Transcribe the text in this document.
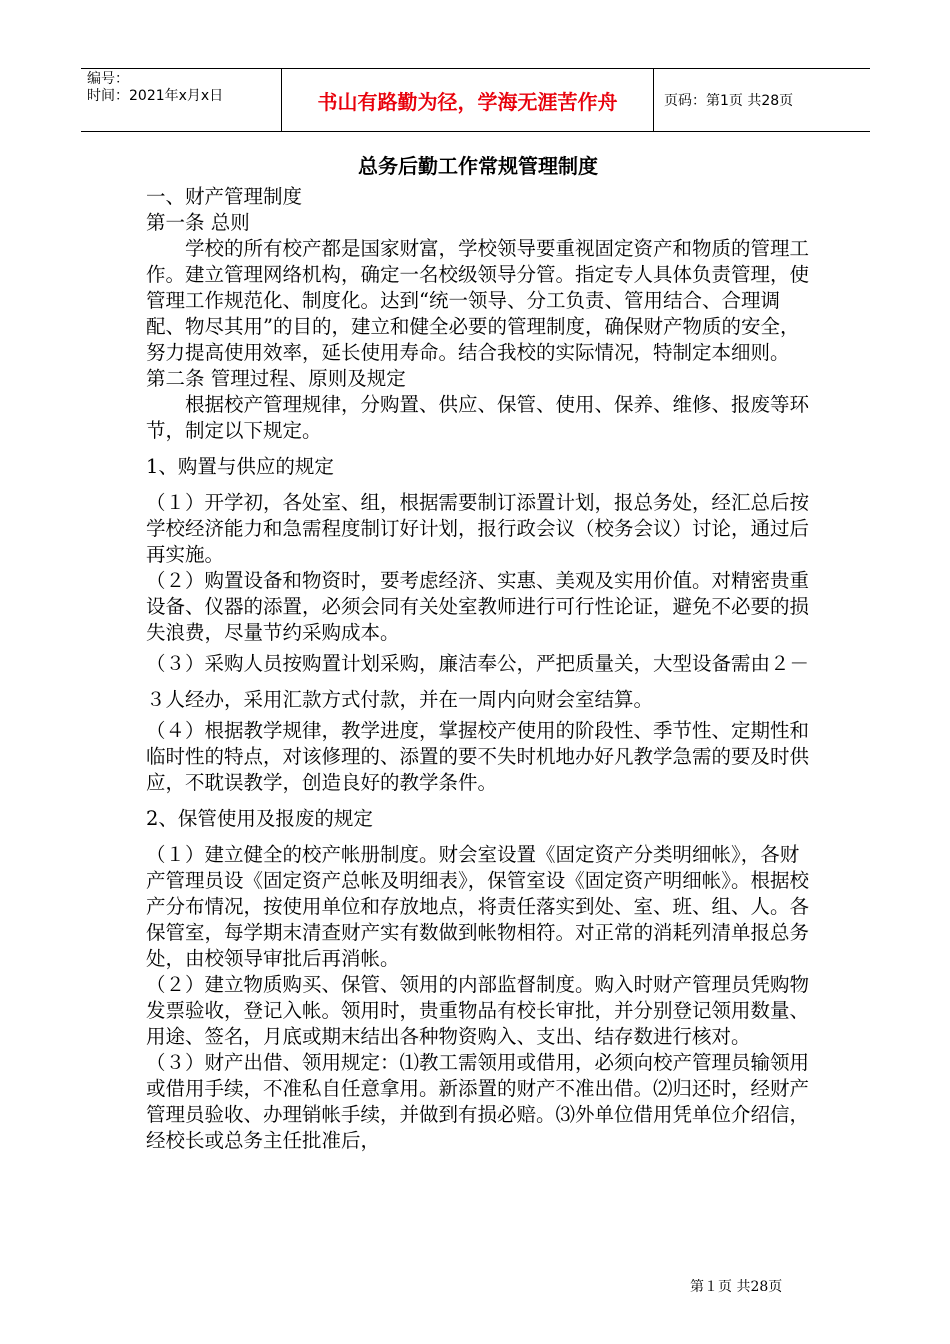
编号：
时间：2021年x月x日	书山有路勤为径，学海无涯苦作舟	页码：第1页 共28页
总务后勤工作常规管理制度

一、财产管理制度

第一条 总则

学校的所有校产都是国家财富，学校领导要重视固定资产和物质的管理工作。建立管理网络机构，确定一名校级领导分管。指定专人具体负责管理，使管理工作规范化、制度化。达到“统一领导、分工负责、管用结合、合理调配、物尽其用”的目的，建立和健全必要的管理制度，确保财产物质的安全，努力提高使用效率，延长使用寿命。结合我校的实际情况，特制定本细则。

第二条 管理过程、原则及规定

根据校产管理规律，分购置、供应、保管、使用、保养、维修、报废等环节，制定以下规定。

1、购置与供应的规定

（１）开学初，各处室、组，根据需要制订添置计划，报总务处，经汇总后按学校经济能力和急需程度制订好计划，报行政会议（校务会议）讨论，通过后再实施。

（２）购置设备和物资时，要考虑经济、实惠、美观及实用价值。对精密贵重设备、仪器的添置，必须会同有关处室教师进行可行性论证，避免不必要的损失浪费，尽量节约采购成本。

（３）采购人员按购置计划采购，廉洁奉公，严把质量关，大型设备需由２－３人经办，采用汇款方式付款，并在一周内向财会室结算。

（４）根据教学规律，教学进度，掌握校产使用的阶段性、季节性、定期性和临时性的特点，对该修理的、添置的要不失时机地办好凡教学急需的要及时供应，不耽误教学，创造良好的教学条件。

2、保管使用及报废的规定

（１）建立健全的校产帐册制度。财会室设置《固定资产分类明细帐》，各财产管理员设《固定资产总帐及明细表》，保管室设《固定资产明细帐》。根据校产分布情况，按使用单位和存放地点，将责任落实到处、室、班、组、人。各保管室，每学期末清查财产实有数做到帐物相符。对正常的消耗列清单报总务处，由校领导审批后再消帐。

（２）建立物质购买、保管、领用的内部监督制度。购入时财产管理员凭购物发票验收，登记入帐。领用时，贵重物品有校长审批，并分别登记领用数量、用途、签名，月底或期末结出各种物资购入、支出、结存数进行核对。

（３）财产出借、领用规定：⑴教工需领用或借用，必须向校产管理员输领用或借用手续，不准私自任意拿用。新添置的财产不准出借。⑵归还时，经财产管理员验收、办理销帐手续，并做到有损必赔。⑶外单位借用凭单位介绍信，经校长或总务主任批准后，

第１页 共28页
